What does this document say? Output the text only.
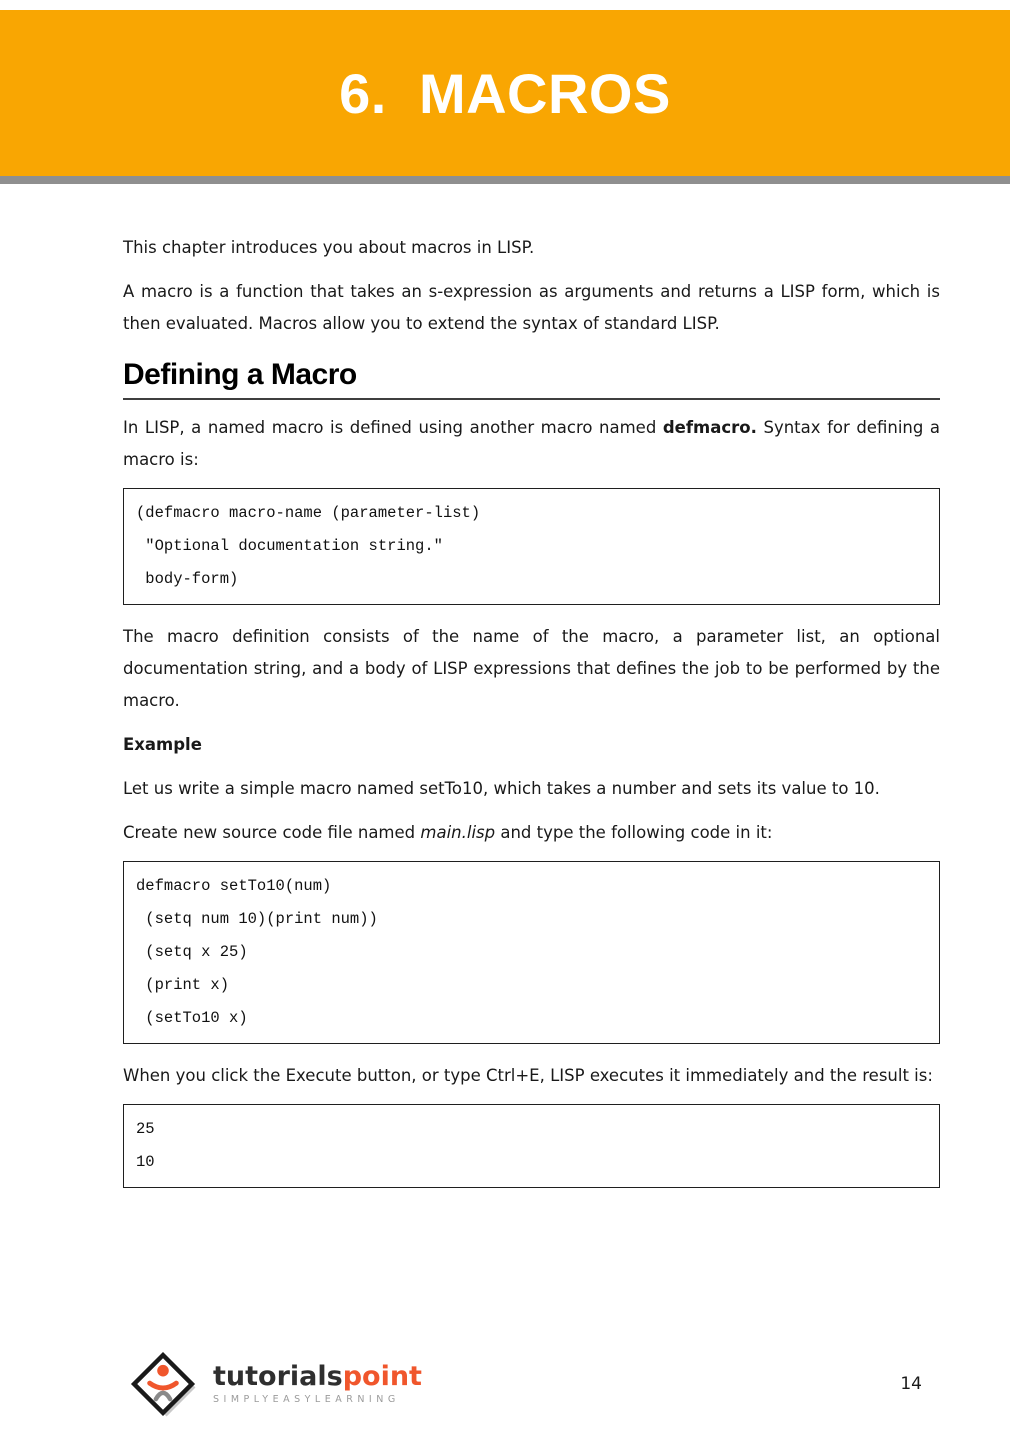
6.  MACROS

This chapter introduces you about macros in LISP.

A macro is a function that takes an s-expression as arguments and returns a LISP form, which is then evaluated. Macros allow you to extend the syntax of standard LISP.

Defining a Macro

In LISP, a named macro is defined using another macro named defmacro. Syntax for defining a macro is:

(defmacro macro-name (parameter-list)
"Optional documentation string."
body-form)

The macro definition consists of the name of the macro, a parameter list, an optional documentation string, and a body of LISP expressions that defines the job to be performed by the macro.

Example

Let us write a simple macro named setTo10, which takes a number and sets its value to 10.

Create new source code file named main.lisp and type the following code in it:

defmacro setTo10(num)
(setq num 10)(print num))
(setq x 25)
(print x)
(setTo10 x)

When you click the Execute button, or type Ctrl+E, LISP executes it immediately and the result is:

25
10
tutorialspoint
SIMPLYEASYLEARNING
14
